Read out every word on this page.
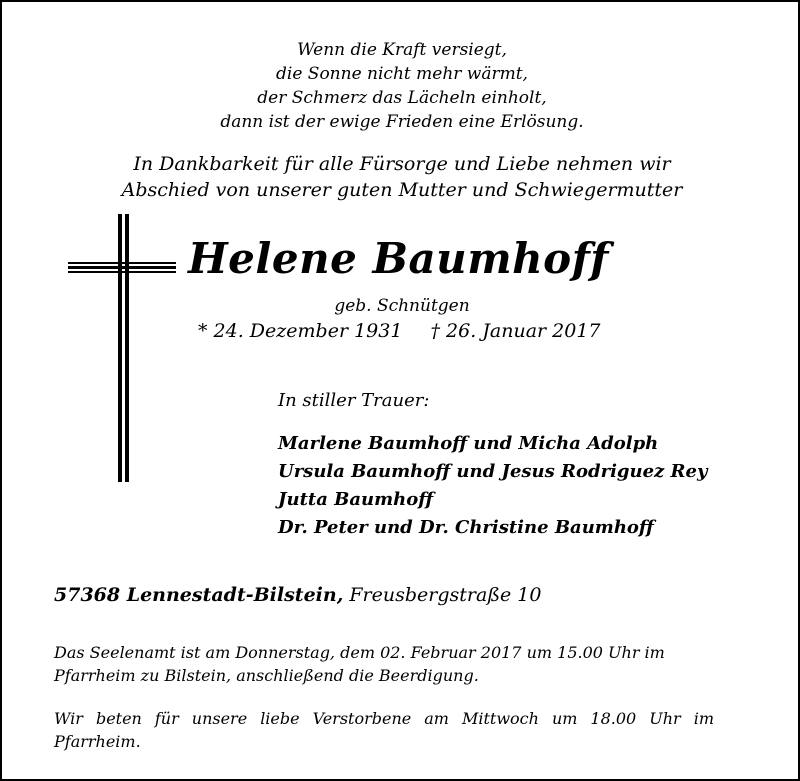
Wenn die Kraft versiegt,
die Sonne nicht mehr wärmt,
der Schmerz das Lächeln einholt,
dann ist der ewige Frieden eine Erlösung.
In Dankbarkeit für alle Fürsorge und Liebe nehmen wir
Abschied von unserer guten Mutter und Schwiegermutter
Helene Baumhoff
geb. Schnütgen
* 24. Dezember 1931 † 26. Januar 2017
In stiller Trauer:
Marlene Baumhoff und Micha Adolph
Ursula Baumhoff und Jesus Rodriguez Rey
Jutta Baumhoff
Dr. Peter und Dr. Christine Baumhoff
57368 Lennestadt-Bilstein, Freusbergstraße 10
Das Seelenamt ist am Donnerstag, dem 02. Februar 2017 um 15.00 Uhr im Pfarrheim zu Bilstein, anschließend die Beerdigung.
Wir beten für unsere liebe Verstorbene am Mittwoch um 18.00 Uhr im Pfarrheim.
